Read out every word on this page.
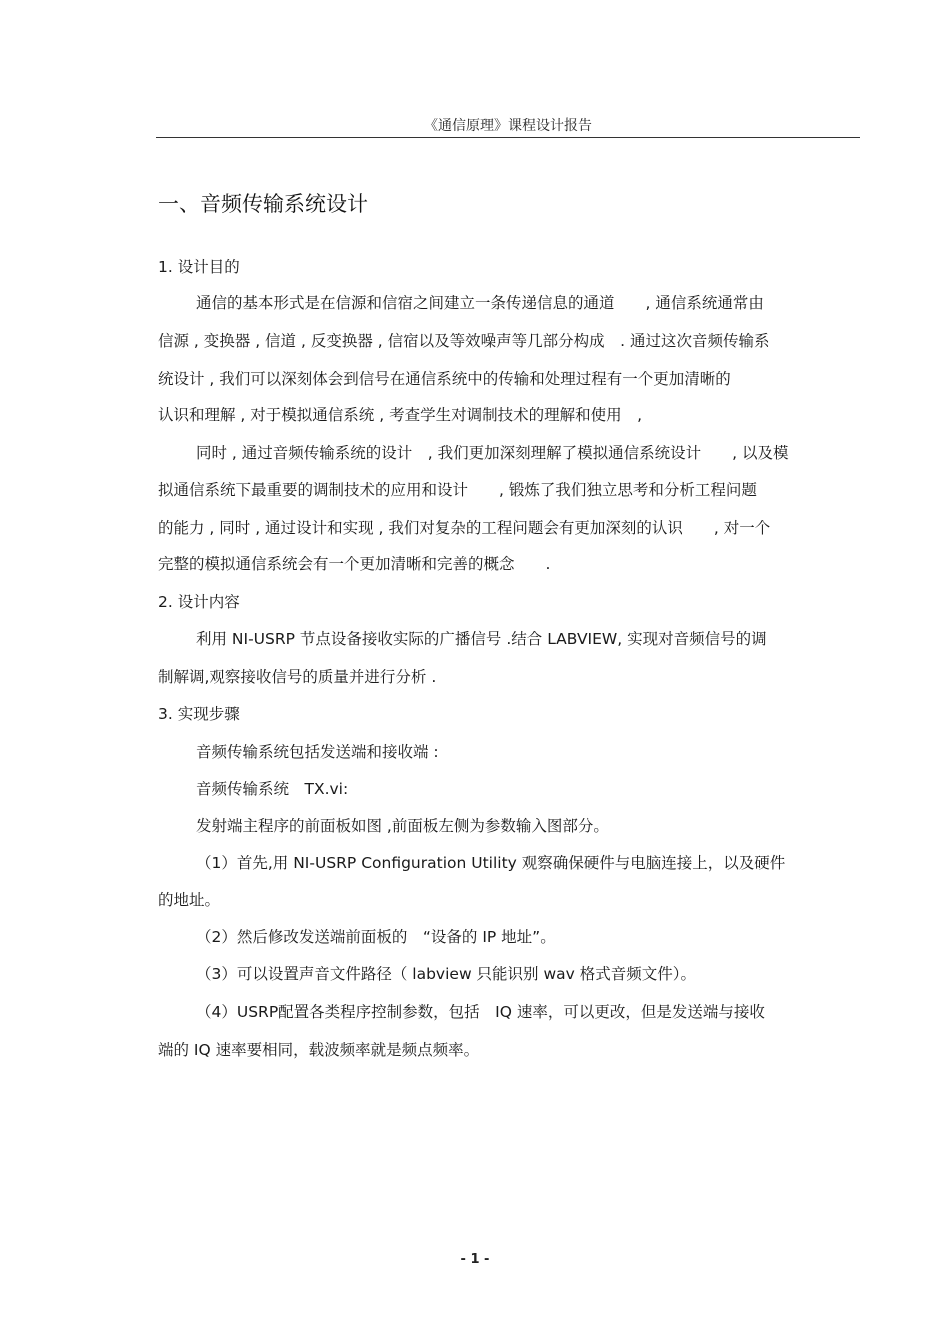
《通信原理》课程设计报告
一、音频传输系统设计
1. 设计目的
通信的基本形式是在信源和信宿之间建立一条传递信息的通道　　, 通信系统通常由
信源 , 变换器 , 信道 , 反变换器 , 信宿以及等效噪声等几部分构成　. 通过这次音频传输系
统设计 , 我们可以深刻体会到信号在通信系统中的传输和处理过程有一个更加清晰的
认识和理解 , 对于模拟通信系统 , 考查学生对调制技术的理解和使用　,
同时 , 通过音频传输系统的设计　, 我们更加深刻理解了模拟通信系统设计　　, 以及模
拟通信系统下最重要的调制技术的应用和设计　　, 锻炼了我们独立思考和分析工程问题
的能力 , 同时 , 通过设计和实现 , 我们对复杂的工程问题会有更加深刻的认识　　, 对一个
完整的模拟通信系统会有一个更加清晰和完善的概念　　.
2. 设计内容
利用 NI-USRP 节点设备接收实际的广播信号 .结合 LABVIEW, 实现对音频信号的调
制解调,观察接收信号的质量并进行分析 .
3. 实现步骤
音频传输系统包括发送端和接收端 :
音频传输系统　TX.vi:
发射端主程序的前面板如图 ,前面板左侧为参数输入图部分。
（1）首先,用 NI-USRP Configuration Utility 观察确保硬件与电脑连接上，以及硬件
的地址。
（2）然后修改发送端前面板的　“设备的 IP 地址”。
（3）可以设置声音文件路径（ labview 只能识别 wav 格式音频文件）。
（4）USRP配置各类程序控制参数，包括　IQ 速率，可以更改，但是发送端与接收
端的 IQ 速率要相同，载波频率就是频点频率。
- 1 -
